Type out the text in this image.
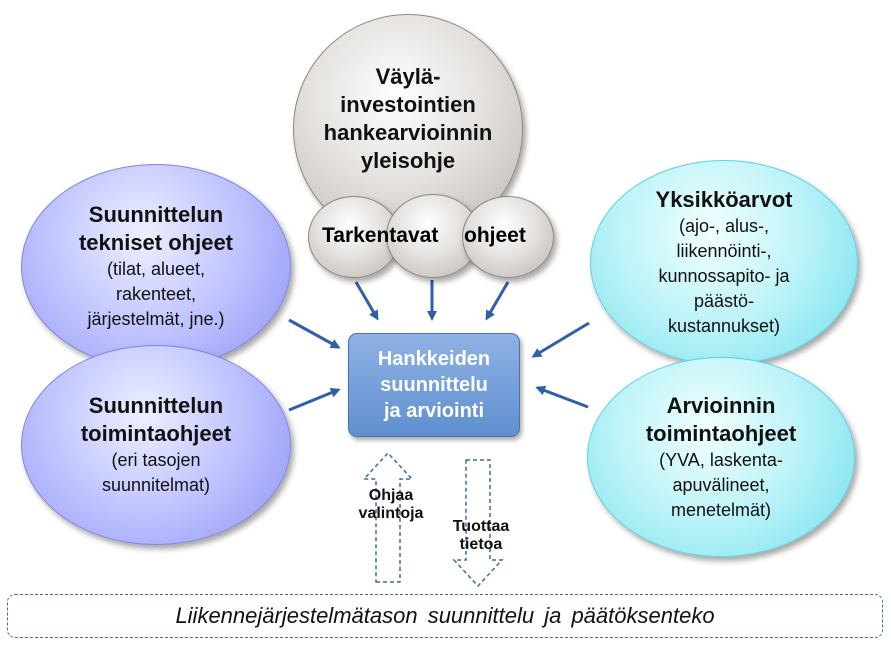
Väylä-
investointien
hankearvioinnin
yleisohje
Tarkentavat ohjeet
Suunnittelun
tekniset ohjeet
(tilat, alueet,
rakenteet,
järjestelmät, jne.)
Suunnittelun
toimintaohjeet
(eri tasojen
suunnitelmat)
Yksikköarvot
(ajo-, alus-,
liikennöinti-,
kunnossapito- ja
päästö-
kustannukset)
Arvioinnin
toimintaohjeet
(YVA, laskenta-
apuvälineet,
menetelmät)
Hankkeiden
suunnittelu
ja arviointi
Ohjaa
valintoja
Tuottaa
tietoa
Liikennejärjestelmätason suunnittelu ja päätöksenteko
